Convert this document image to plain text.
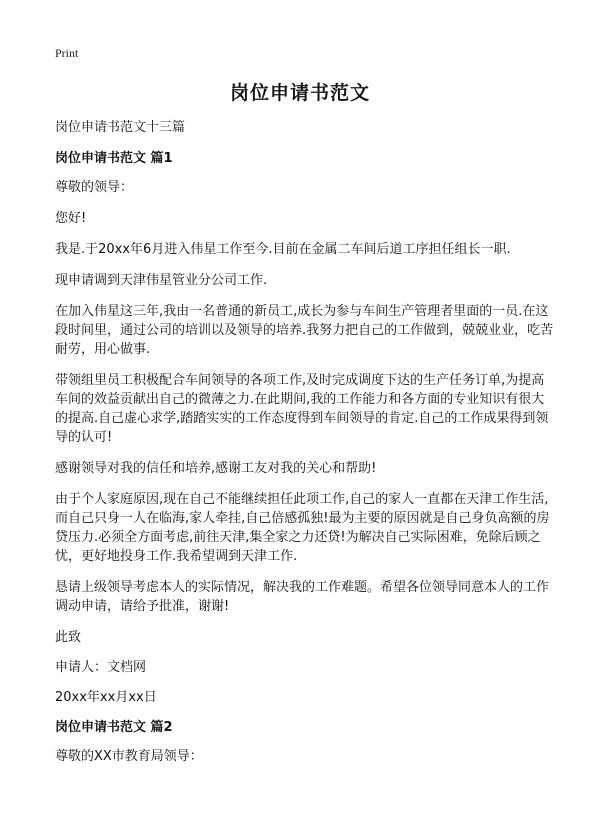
Print
岗位申请书范文

岗位申请书范文十三篇

岗位申请书范文 篇1

尊敬的领导：

您好!

我是.于20xx年6月进入伟星工作至今.目前在金属二车间后道工序担任组长一职.

现申请调到天津伟星管业分公司工作.

在加入伟星这三年,我由一名普通的新员工,成长为参与车间生产管理者里面的一员.在这段时间里，通过公司的培训以及领导的培养.我努力把自己的工作做到，兢兢业业，吃苦耐劳，用心做事.

带领组里员工积极配合车间领导的各项工作,及时完成调度下达的生产任务订单,为提高车间的效益贡献出自己的微薄之力.在此期间,我的工作能力和各方面的专业知识有很大的提高.自己虚心求学,踏踏实实的工作态度得到车间领导的肯定.自己的工作成果得到领导的认可!

感谢领导对我的信任和培养,感谢工友对我的关心和帮助!

由于个人家庭原因,现在自己不能继续担任此项工作,自己的家人一直都在天津工作生活,而自己只身一人在临海,家人牵挂,自己倍感孤独!最为主要的原因就是自己身负高额的房贷压力.必须全方面考虑,前往天津,集全家之力还贷!为解决自己实际困难，免除后顾之忧，更好地投身工作.我希望调到天津工作.

恳请上级领导考虑本人的实际情况，解决我的工作难题。希望各位领导同意本人的工作调动申请，请给予批准，谢谢!

此致

申请人：文档网

20xx年xx月xx日

岗位申请书范文 篇2

尊敬的XX市教育局领导：
